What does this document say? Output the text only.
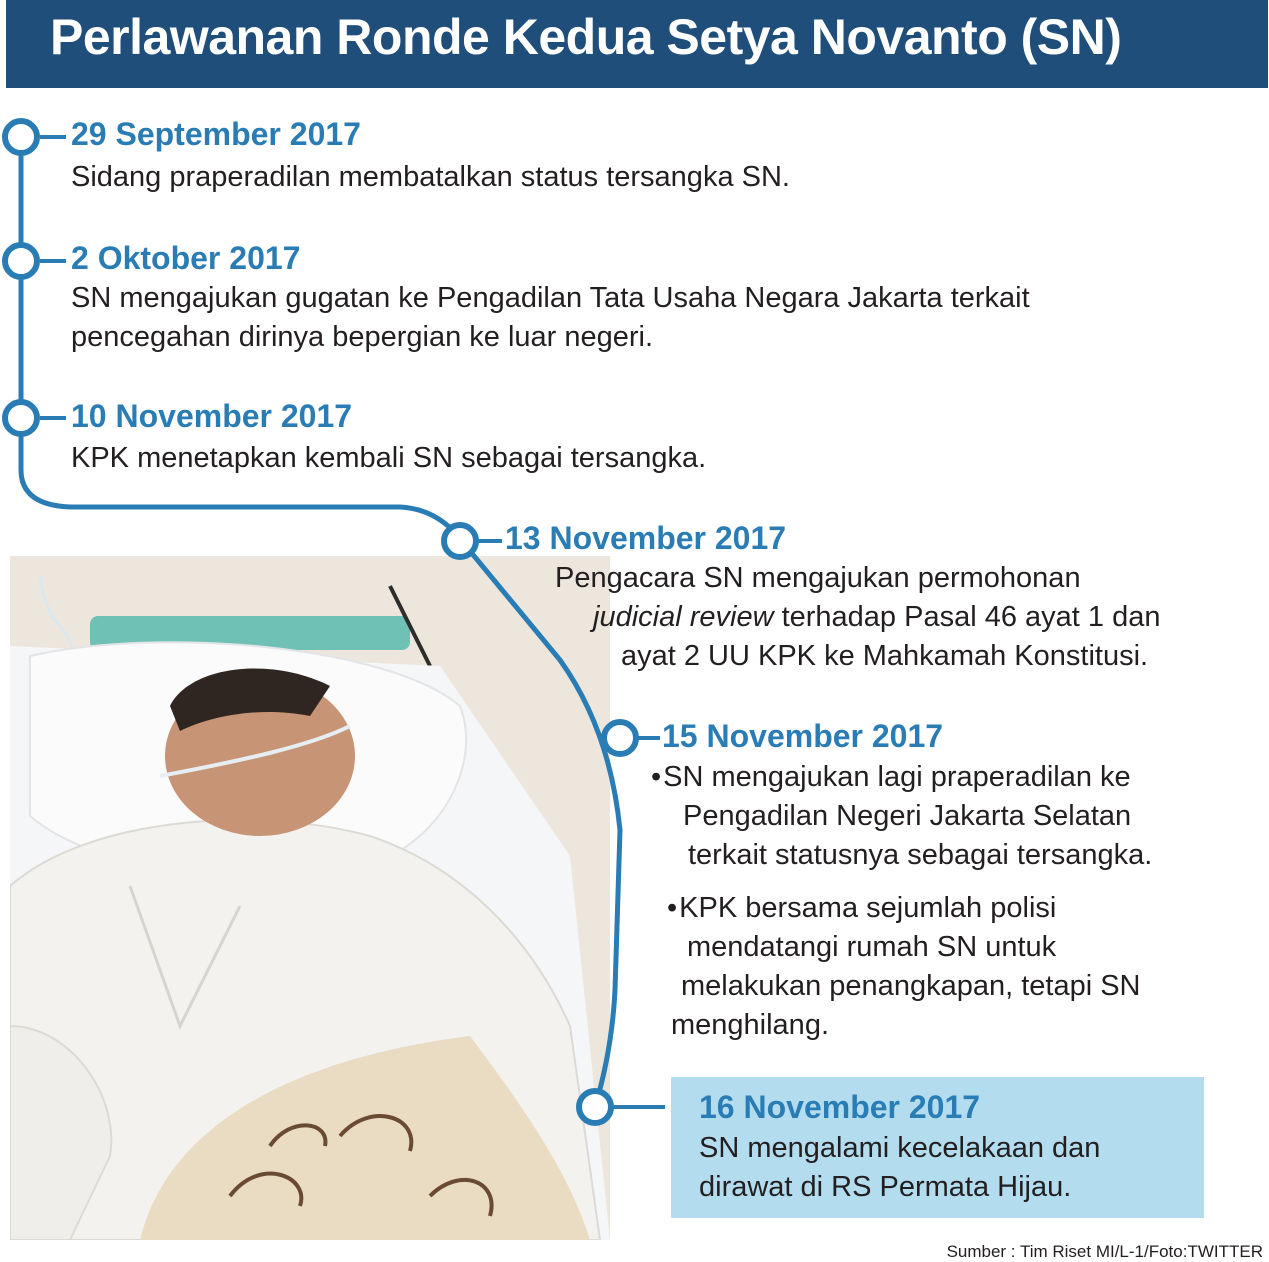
Perlawanan Ronde Kedua Setya Novanto (SN)
29 September 2017
Sidang praperadilan membatalkan status tersangka SN.
2 Oktober 2017
SN mengajukan gugatan ke Pengadilan Tata Usaha Negara Jakarta terkait
pencegahan dirinya bepergian ke luar negeri.
10 November 2017
KPK menetapkan kembali SN sebagai tersangka.
13 November 2017
Pengacara SN mengajukan permohonan
judicial review terhadap Pasal 46 ayat 1 dan
ayat 2 UU KPK ke Mahkamah Konstitusi.
15 November 2017
•SN mengajukan lagi praperadilan ke
Pengadilan Negeri Jakarta Selatan
terkait statusnya sebagai tersangka.
•KPK bersama sejumlah polisi
mendatangi rumah SN untuk
melakukan penangkapan, tetapi SN
menghilang.
16 November 2017
SN mengalami kecelakaan dan
dirawat di RS Permata Hijau.
Sumber : Tim Riset MI/L-1/Foto:TWITTER
